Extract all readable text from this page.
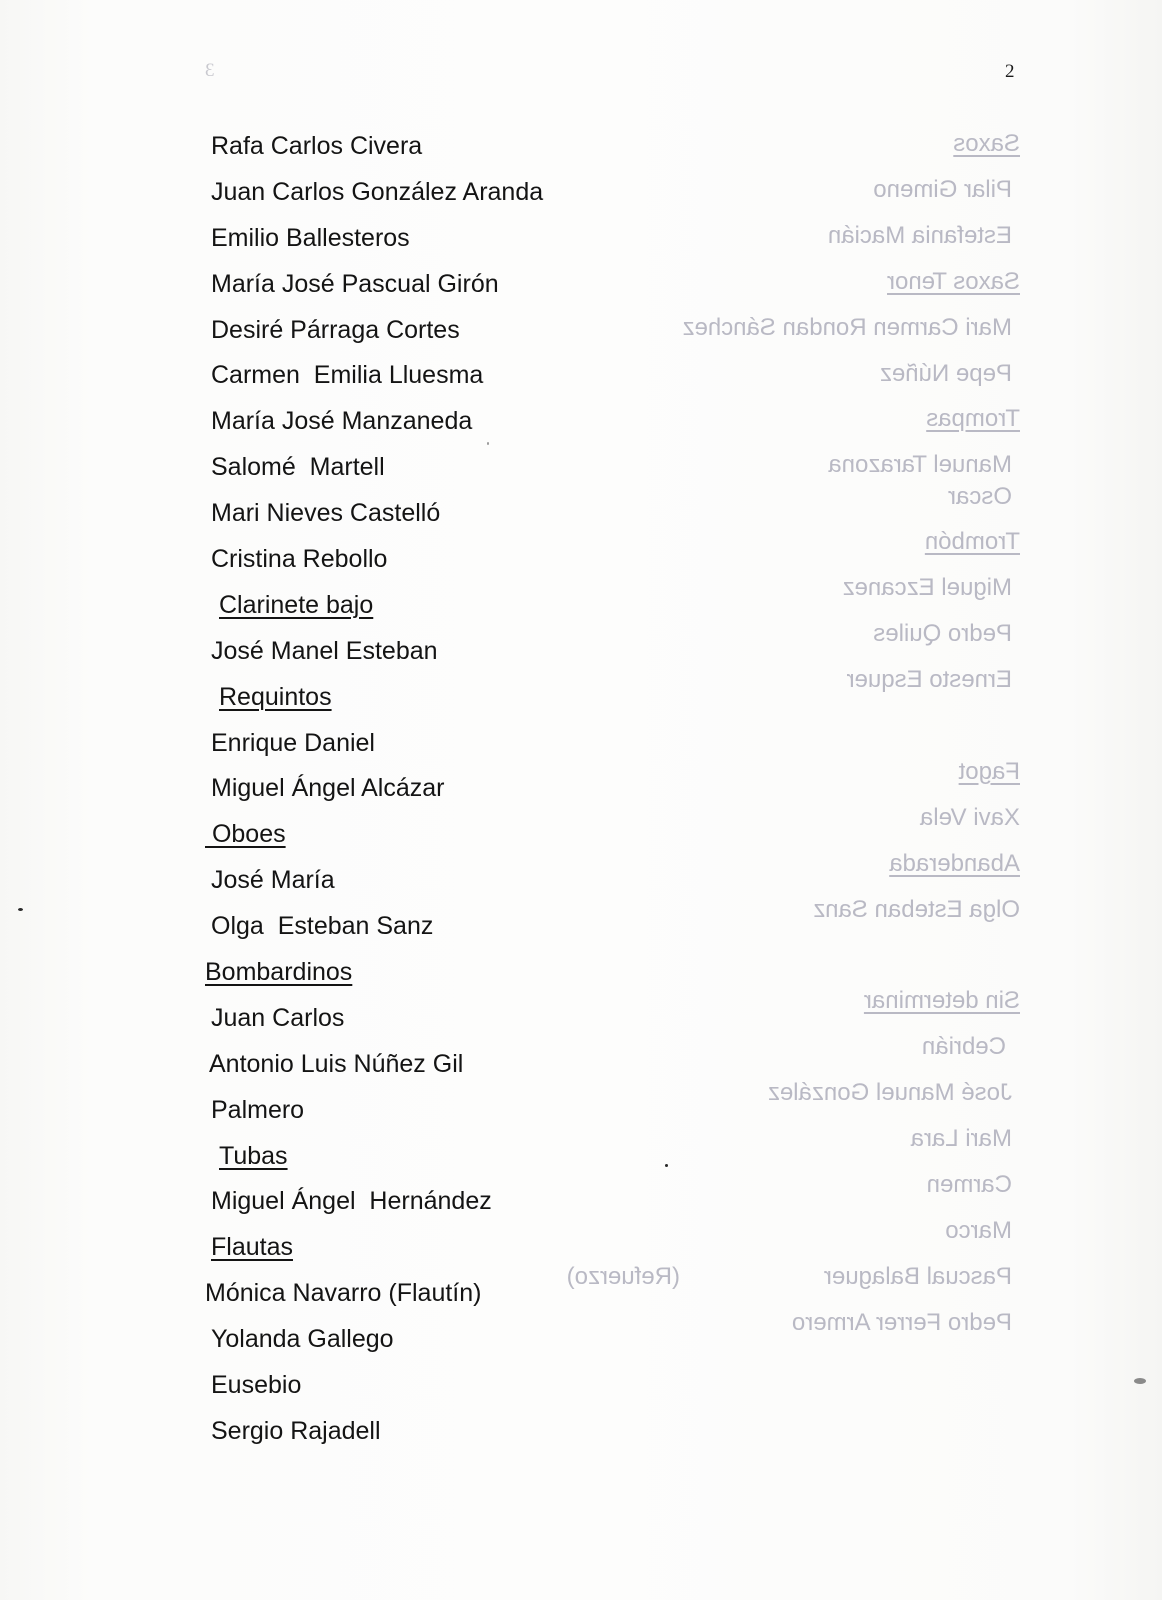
3	2
Rafa Carlos Civera
Juan Carlos González Aranda
Emilio Ballesteros
María José Pascual Girón
Desiré Párraga Cortes
Carmen  Emilia Lluesma
María José Manzaneda
Salomé  Martell
Mari Nieves Castelló
Cristina Rebollo
Clarinete bajo
José Manel Esteban
Requintos
Enrique Daniel
Miguel Ángel Alcázar
Oboes
José María
Olga  Esteban Sanz
Bombardinos
Juan Carlos
Antonio Luis Núñez Gil
Palmero
Tubas
Miguel Ángel  Hernández
Flautas
Mónica Navarro (Flautín)
Yolanda Gallego
Eusebio
Sergio Rajadell
Saxos
Pilar Gimeno
Estefania Macián
Saxos Tenor
Mari Carmen Rondan Sánchez
Pepe Núñez
Trompas
Manuel Tarazona
Oscar
Trombón
Miguel Ezcanez
Pedro Quiles
Ernesto Esquer
Fagot
Xavi Vela
Abanderada
Olga Esteban Sanz
Sin determinar
Cebrián
José Manuel González
Mari Lara
Carmen
Marco
Pascual Balaguer
Pedro Ferrer Armero
(Refuerzo)
